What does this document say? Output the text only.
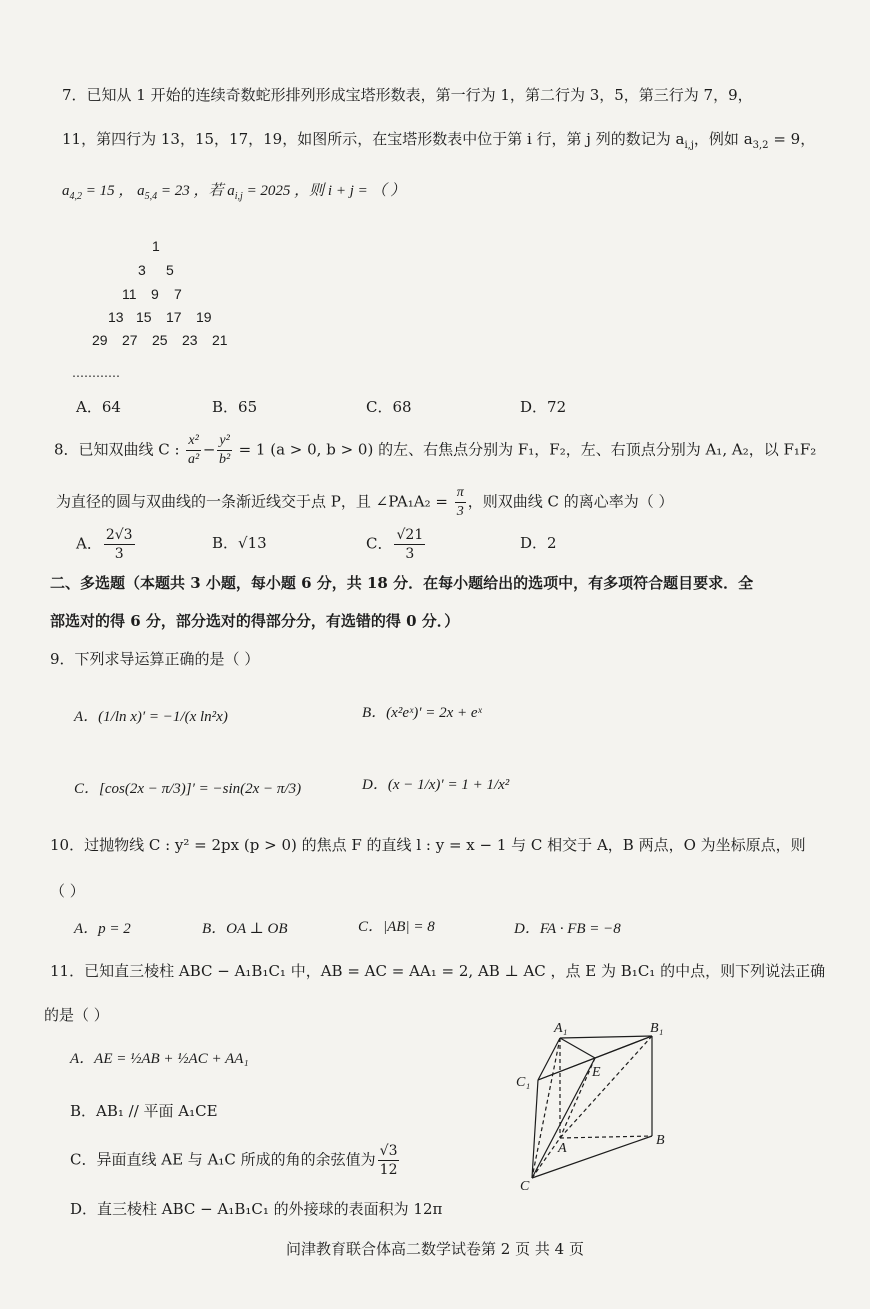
7．已知从 1 开始的连续奇数蛇形排列形成宝塔形数表，第一行为 1，第二行为 3，5，第三行为 7，9，
11，第四行为 13，15，17，19，如图所示，在宝塔形数表中位于第 i 行，第 j 列的数记为 $a_{i,j}$，例如 $a_{3,2} = 9$，
$a_{4,2} = 15$ ， $a_{5,4} = 23$ ，若 $a_{i,j} = 2025$ ，则 i + j = （ ）
1
3 5
11 9 7
13 15 17 19
29 27 25 23 21
…………
A．64	B．65	C．68	D．72
8．已知双曲线 C : $\frac{\text{x²}}{\text{a²}} - \frac{\text{y²}}{\text{b²}} = 1$ (a > 0, b > 0) 的左、右焦点分别为 F₁，F₂，左、右顶点分别为 A₁, A₂，以 F₁F₂
为直径的圆与双曲线的一条渐近线交于点 P，且 ∠PA₁A₂ = $\frac{\pi}{3}$ ，则双曲线 C 的离心率为（ ）
A． $\frac{2√3}{3}$	B．√13	C． $\frac{√21}{3}$	D．2
二、多选题（本题共 3 小题，每小题 6 分，共 18 分．在每小题给出的选项中，有多项符合题目要求．全
部选对的得 6 分，部分选对的得部分分，有选错的得 0 分．）
9．下列求导运算正确的是（ ）
A．(1/ln x)′ = −1/(x ln²x)	B．(x²eˣ)′ = 2x + eˣ
C．[cos(2x − π/3)]′ = −sin(2x − π/3)	D．(x − 1/x)′ = 1 + 1/x²
10．过抛物线 C : y² = 2px (p > 0) 的焦点 F 的直线 l : y = x − 1 与 C 相交于 A，B 两点，O 为坐标原点，则
（ ）
A．p = 2	B．OA ⊥ OB	C．|AB| = 8	D．FA · FB = −8
11．已知直三棱柱 ABC − A₁B₁C₁ 中，AB = AC = AA₁ = 2, AB ⊥ AC ，点 E 为 B₁C₁ 的中点，则下列说法正确
的是（ ）
A．AE = ½AB + ½AC + AA₁
B．AB₁ // 平面 A₁CE
C．异面直线 AE 与 A₁C 所成的角的余弦值为 $\frac{√3}{12}$
D．直三棱柱 ABC − A₁B₁C₁ 的外接球的表面积为 12π
A₁	B₁
C₁
E
A
B
C
问津教育联合体高二数学试卷第 2 页 共 4 页
